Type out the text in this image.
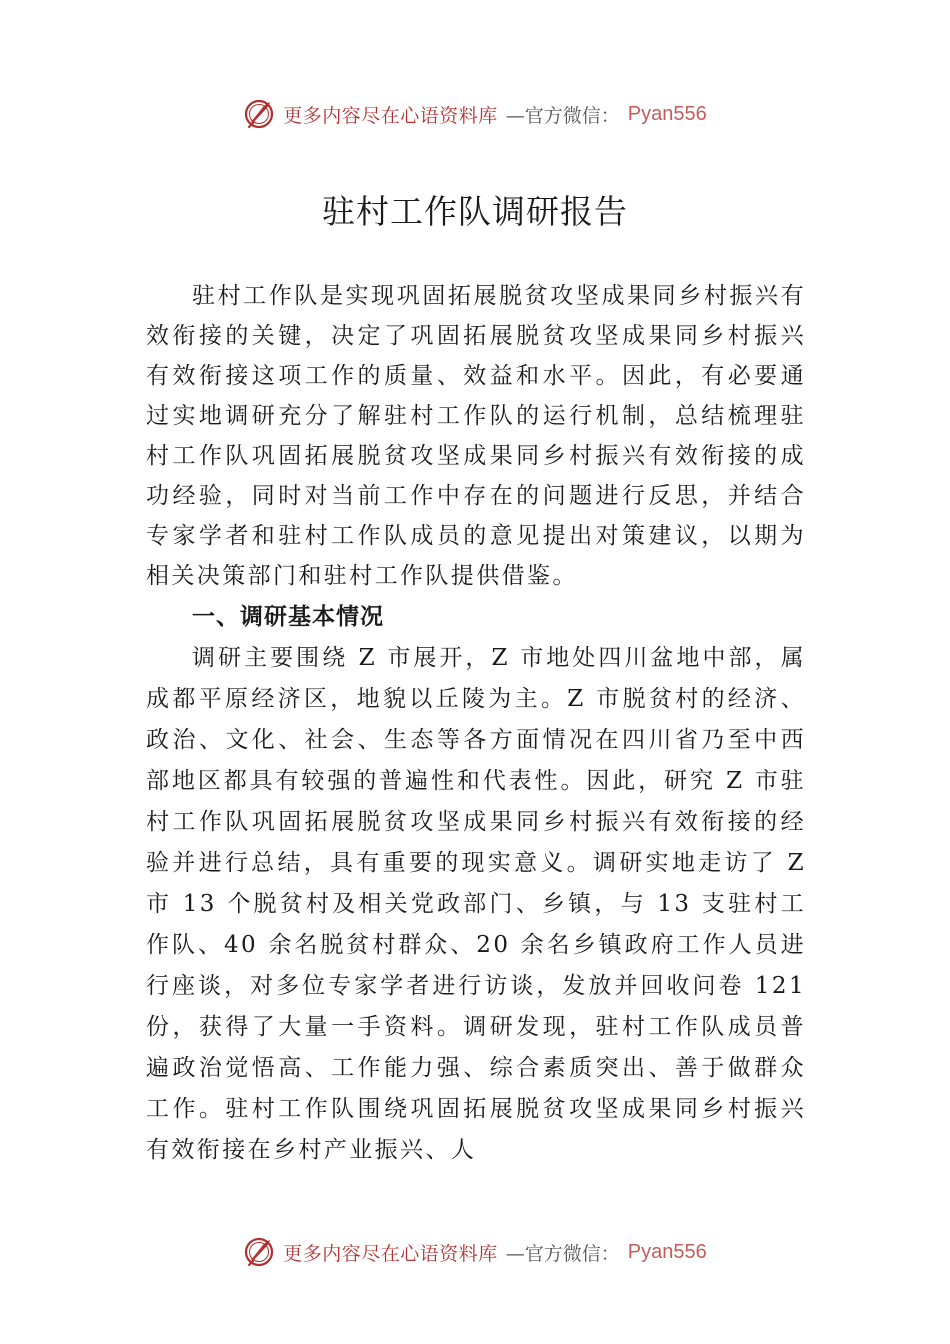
更多内容尽在心语资料库 —官方微信： Pyan556
驻村工作队调研报告

驻村工作队是实现巩固拓展脱贫攻坚成果同乡村振兴有效衔接的关键，决定了巩固拓展脱贫攻坚成果同乡村振兴有效衔接这项工作的质量、效益和水平。因此，有必要通过实地调研充分了解驻村工作队的运行机制，总结梳理驻村工作队巩固拓展脱贫攻坚成果同乡村振兴有效衔接的成功经验，同时对当前工作中存在的问题进行反思，并结合专家学者和驻村工作队成员的意见提出对策建议，以期为相关决策部门和驻村工作队提供借鉴。

一、调研基本情况

调研主要围绕 Z 市展开，Z 市地处四川盆地中部，属成都平原经济区，地貌以丘陵为主。Z 市脱贫村的经济、政治、文化、社会、生态等各方面情况在四川省乃至中西部地区都具有较强的普遍性和代表性。因此，研究 Z 市驻村工作队巩固拓展脱贫攻坚成果同乡村振兴有效衔接的经验并进行总结，具有重要的现实意义。调研实地走访了 Z 市 13 个脱贫村及相关党政部门、乡镇，与 13 支驻村工作队、40 余名脱贫村群众、20 余名乡镇政府工作人员进行座谈，对多位专家学者进行访谈，发放并回收问卷 121 份，获得了大量一手资料。调研发现，驻村工作队成员普遍政治觉悟高、工作能力强、综合素质突出、善于做群众工作。驻村工作队围绕巩固拓展脱贫攻坚成果同乡村振兴有效衔接在乡村产业振兴、人

更多内容尽在心语资料库 —官方微信： Pyan556
